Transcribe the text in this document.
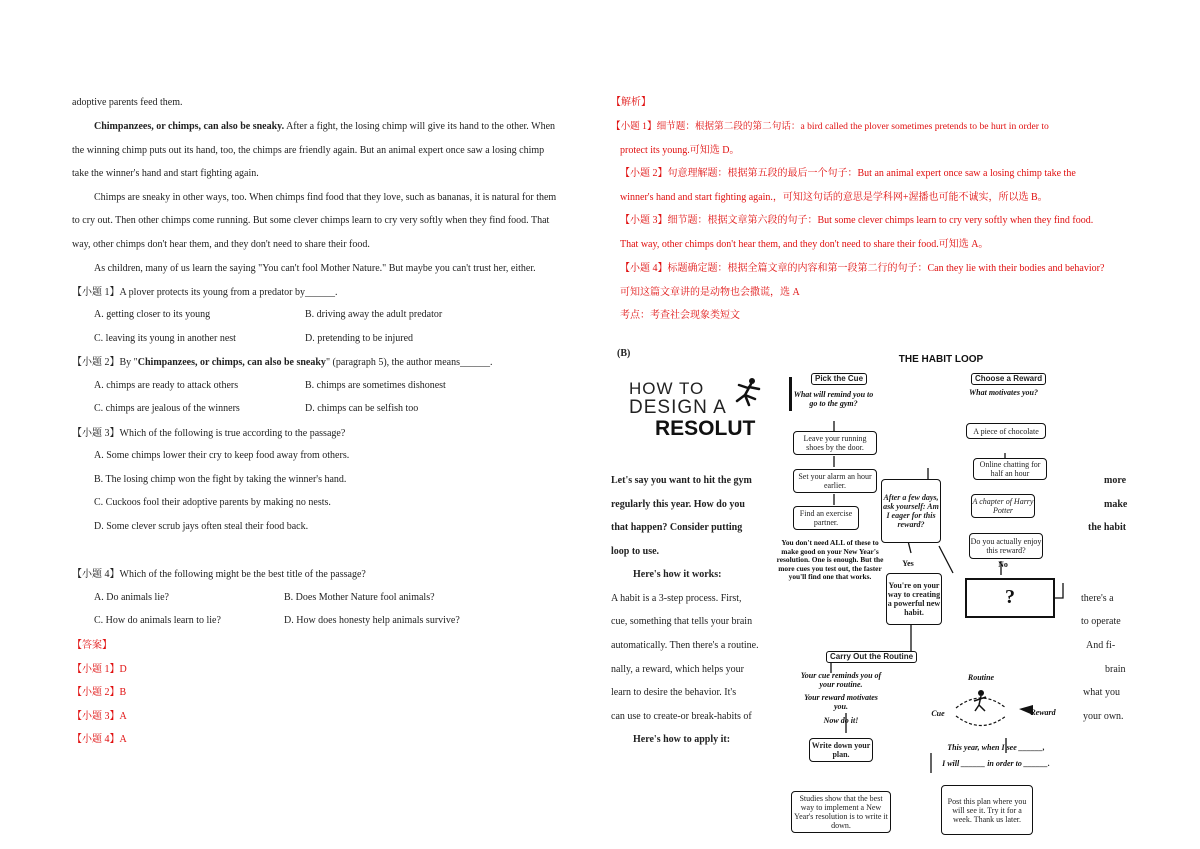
adoptive parents feed them.
Chimpanzees, or chimps, can also be sneaky. After a fight, the losing chimp will give its hand to the other. When
the winning chimp puts out its hand, too, the chimps are friendly again. But an animal expert once saw a losing chimp
take the winner's hand and start fighting again.
Chimps are sneaky in other ways, too. When chimps find food that they love, such as bananas, it is natural for them
to cry out. Then other chimps come running. But some clever chimps learn to cry very softly when they find food. That
way, other chimps don't hear them, and they don't need to share their food.
As children, many of us learn the saying "You can't fool Mother Nature." But maybe you can't trust her, either.
【小题 1】A plover protects its young from a predator by______.
A. getting closer to its young	B. driving away the adult predator
C. leaving its young in another nest	D. pretending to be injured
【小题 2】By "Chimpanzees, or chimps, can also be sneaky" (paragraph 5), the author means______.
A. chimps are ready to attack others	B. chimps are sometimes dishonest
C. chimps are jealous of the winners	D. chimps can be selfish too
【小题 3】Which of the following is true according to the passage?
A. Some chimps lower their cry to keep food away from others.
B. The losing chimp won the fight by taking the winner's hand.
C. Cuckoos fool their adoptive parents by making no nests.
D. Some clever scrub jays often steal their food back.
【小题 4】Which of the following might be the best title of the passage?
A. Do animals lie?	B. Does Mother Nature fool animals?
C. How do animals learn to lie?	D. How does honesty help animals survive?
【答案】
【小题 1】D
【小题 2】B
【小题 3】A
【小题 4】A
【解析】
【小题 1】细节题：根据第二段的第二句话：a bird called the plover sometimes pretends to be hurt in order to
protect its young.可知选 D。
【小题 2】句意理解题：根据第五段的最后一个句子：But an animal expert once saw a losing chimp take the
winner's hand and start fighting again.，可知这句话的意思是学科网+渥播也可能不诚实，所以选 B。
【小题 3】细节题：根据文章第六段的句子：But some clever chimps learn to cry very softly when they find food.
That way, other chimps don't hear them, and they don't need to share their food.可知选 A。
【小题 4】标题确定题：根据全篇文章的内容和第一段第二行的句子：Can they lie with their bodies and behavior?
可知这篇文章讲的是动物也会撒谎，选 A
考点：考查社会现象类短文
(B)
Let's say you want to hit the gym	more
regularly this year. How do you	make
that happen? Consider putting	the habit
loop to use.
Here's how it works:
A habit is a 3-step process. First,	there's a
cue, something that tells your brain	to operate
automatically. Then there's a routine.	And fi-
nally, a reward, which helps your	brain
learn to desire the behavior. It's	what you
can use to create-or break-habits of	your own.
Here's how to apply it:
HOW TO
DESIGN A
RESOLUT
THE HABIT LOOP
Pick the Cue
What will remind you to go to the gym?
Leave your running shoes by the door.
Set your alarm an hour earlier.
Find an exercise partner.
You don't need ALL of these to make good on your New Year's resolution. One is enough. But the more cues you test out, the faster you'll find one that works.
After a few days, ask yourself: Am I eager for this reward?
Yes	No
You're on your way to creating a powerful new habit.
Choose a Reward
What motivates you?
A piece of chocolate
Online chatting for half an hour
A chapter of Harry Potter
Do you actually enjoy this reward?
?
Carry Out the Routine
Your cue reminds you of your routine.
Your reward motivates you.
Now do it!
Routine
Cue	Reward
This year, when I see ______,
I will ______ in order to ______.
Write down your plan.
Studies show that the best way to implement a New Year's resolution is to write it down.
Post this plan where you will see it. Try it for a week. Thank us later.
